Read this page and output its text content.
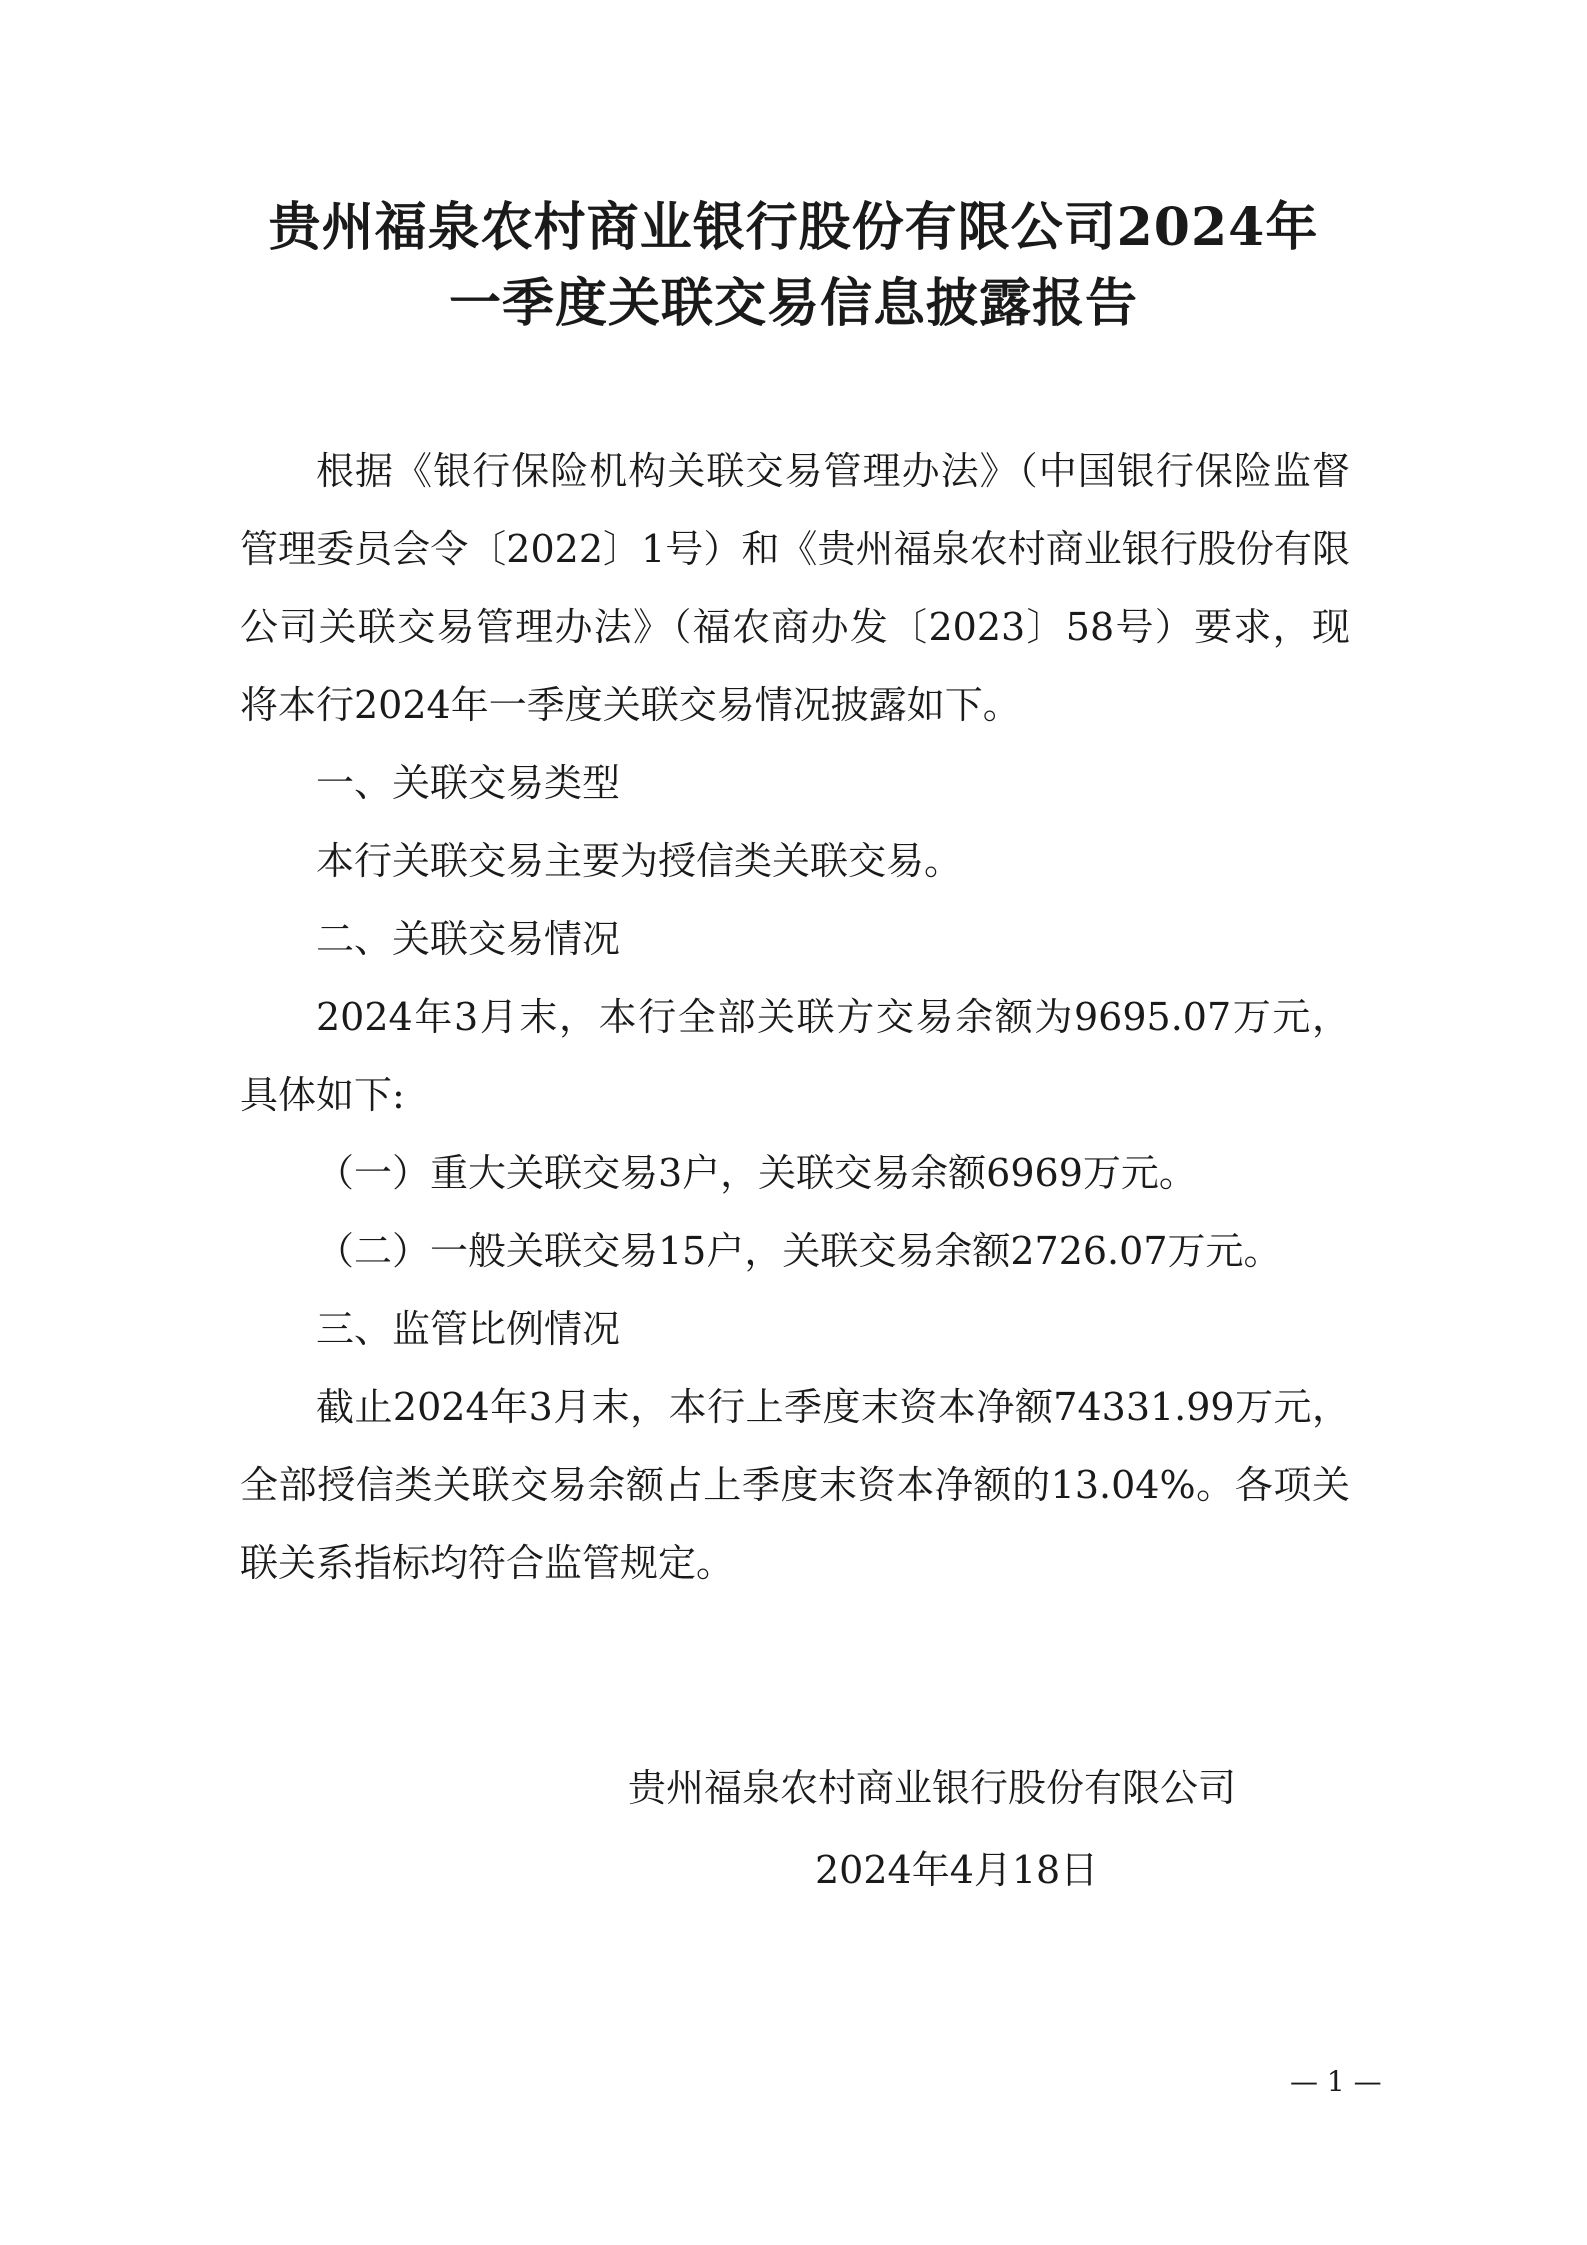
贵州福泉农村商业银行股份有限公司2024年
一季度关联交易信息披露报告

根据《银行保险机构关联交易管理办法》（中国银行保险监督管理委员会令〔2022〕1号）和《贵州福泉农村商业银行股份有限公司关联交易管理办法》（福农商办发〔2023〕58号）要求，现将本行2024年一季度关联交易情况披露如下。

一、关联交易类型

本行关联交易主要为授信类关联交易。

二、关联交易情况

2024年3月末，本行全部关联方交易余额为9695.07万元，具体如下:

（一）重大关联交易3户，关联交易余额6969万元。

（二）一般关联交易15户，关联交易余额2726.07万元。

三、监管比例情况

截止2024年3月末，本行上季度末资本净额74331.99万元，全部授信类关联交易余额占上季度末资本净额的13.04%。各项关联关系指标均符合监管规定。

贵州福泉农村商业银行股份有限公司
2024年4月18日
— 1 —
